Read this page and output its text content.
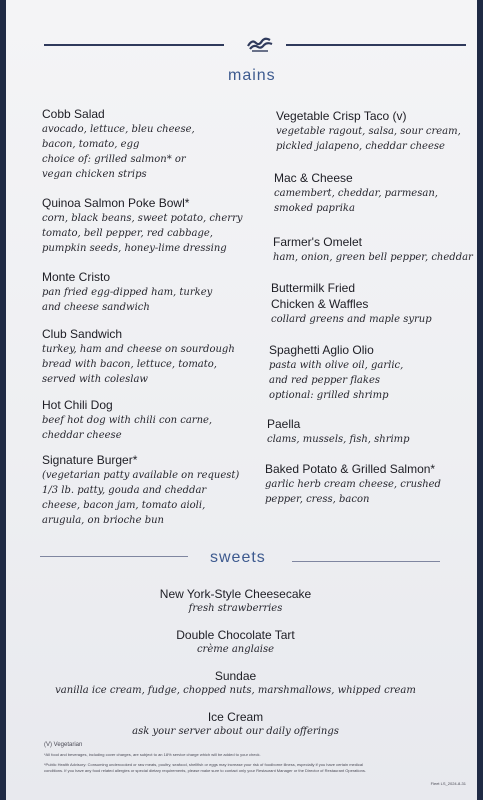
mains
Cobb Salad
avocado, lettuce, bleu cheese,
bacon, tomato, egg
choice of: grilled salmon* or
vegan chicken strips
Quinoa Salmon Poke Bowl*
corn, black beans, sweet potato, cherry
tomato, bell pepper, red cabbage,
pumpkin seeds, honey-lime dressing
Monte Cristo
pan fried egg-dipped ham, turkey
and cheese sandwich
Club Sandwich
turkey, ham and cheese on sourdough
bread with bacon, lettuce, tomato,
served with coleslaw
Hot Chili Dog
beef hot dog with chili con carne,
cheddar cheese
Signature Burger*
(vegetarian patty available on request)
1/3 lb. patty, gouda and cheddar
cheese, bacon jam, tomato aioli,
arugula, on brioche bun
Vegetable Crisp Taco (v)
vegetable ragout, salsa, sour cream,
pickled jalapeno, cheddar cheese
Mac & Cheese
camembert, cheddar, parmesan,
smoked paprika
Farmer's Omelet
ham, onion, green bell pepper, cheddar
Buttermilk Fried
Chicken & Waffles
collard greens and maple syrup
Spaghetti Aglio Olio
pasta with olive oil, garlic,
and red pepper flakes
optional: grilled shrimp
Paella
clams, mussels, fish, shrimp
Baked Potato & Grilled Salmon*
garlic herb cream cheese, crushed
pepper, cress, bacon
sweets
New York-Style Cheesecake
fresh strawberries
Double Chocolate Tart
crème anglaise
Sundae
vanilla ice cream, fudge, chopped nuts, marshmallows, whipped cream
Ice Cream
ask your server about our daily offerings
(V) Vegetarian
*All food and beverages, including cover charges, are subject to an 18% service charge which will be added to your check.
*Public Health Advisory: Consuming undercooked or raw meats, poultry, seafood, shellfish or eggs may increase your risk of foodborne illness, especially if you have certain medical
conditions. If you have any food related allergies or special dietary requirements, please make sure to contact only your Restaurant Manager or the Director of Restaurant Operations.
Fleet LS_2024-8-31
